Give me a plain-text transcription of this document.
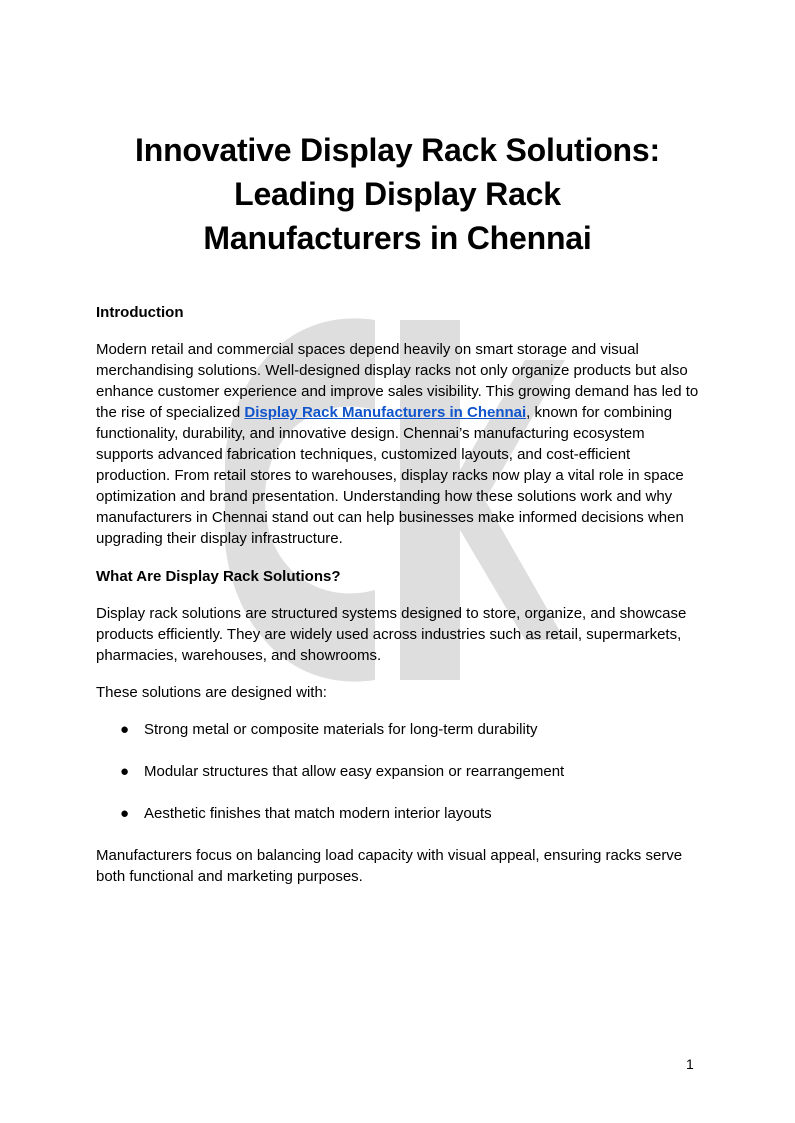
Innovative Display Rack Solutions:
Leading Display Rack
Manufacturers in Chennai
Introduction

Modern retail and commercial spaces depend heavily on smart storage and visual merchandising solutions. Well-designed display racks not only organize products but also enhance customer experience and improve sales visibility. This growing demand has led to the rise of specialized Display Rack Manufacturers in Chennai, known for combining functionality, durability, and innovative design. Chennai’s manufacturing ecosystem supports advanced fabrication techniques, customized layouts, and cost-efficient production. From retail stores to warehouses, display racks now play a vital role in space optimization and brand presentation. Understanding how these solutions work and why manufacturers in Chennai stand out can help businesses make informed decisions when upgrading their display infrastructure.

What Are Display Rack Solutions?

Display rack solutions are structured systems designed to store, organize, and showcase products efficiently. They are widely used across industries such as retail, supermarkets, pharmacies, warehouses, and showrooms.

These solutions are designed with:

● Strong metal or composite materials for long-term durability
● Modular structures that allow easy expansion or rearrangement
● Aesthetic finishes that match modern interior layouts

Manufacturers focus on balancing load capacity with visual appeal, ensuring racks serve both functional and marketing purposes.

1
